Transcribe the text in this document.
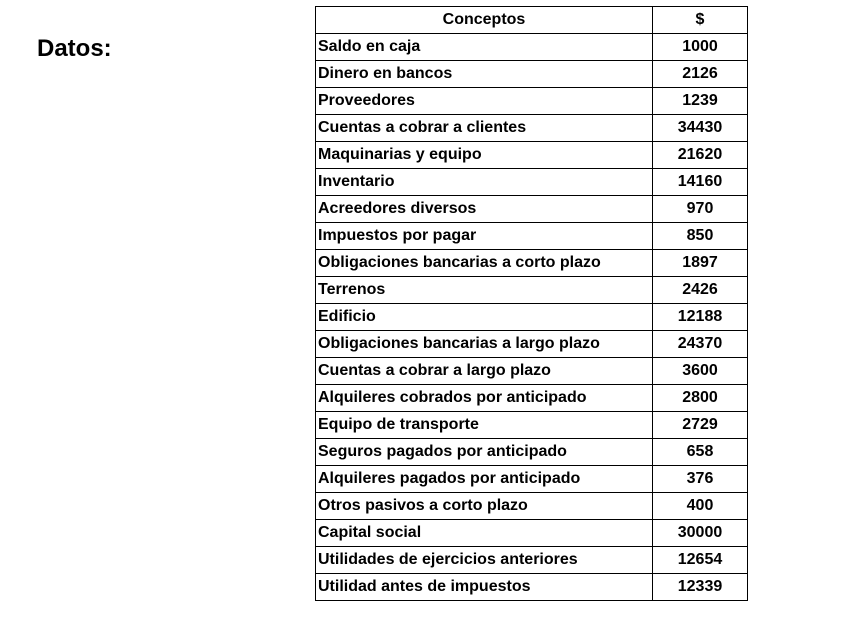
Datos:
Conceptos	$
Saldo en caja	1000
Dinero en bancos	2126
Proveedores	1239
Cuentas a cobrar a clientes	34430
Maquinarias y equipo	21620
Inventario	14160
Acreedores diversos	970
Impuestos por pagar	850
Obligaciones bancarias a corto plazo	1897
Terrenos	2426
Edificio	12188
Obligaciones bancarias a largo plazo	24370
Cuentas a cobrar a largo plazo	3600
Alquileres cobrados por anticipado	2800
Equipo de transporte	2729
Seguros pagados por anticipado	658
Alquileres pagados por anticipado	376
Otros pasivos a corto plazo	400
Capital social	30000
Utilidades de ejercicios anteriores	12654
Utilidad antes de impuestos	12339
